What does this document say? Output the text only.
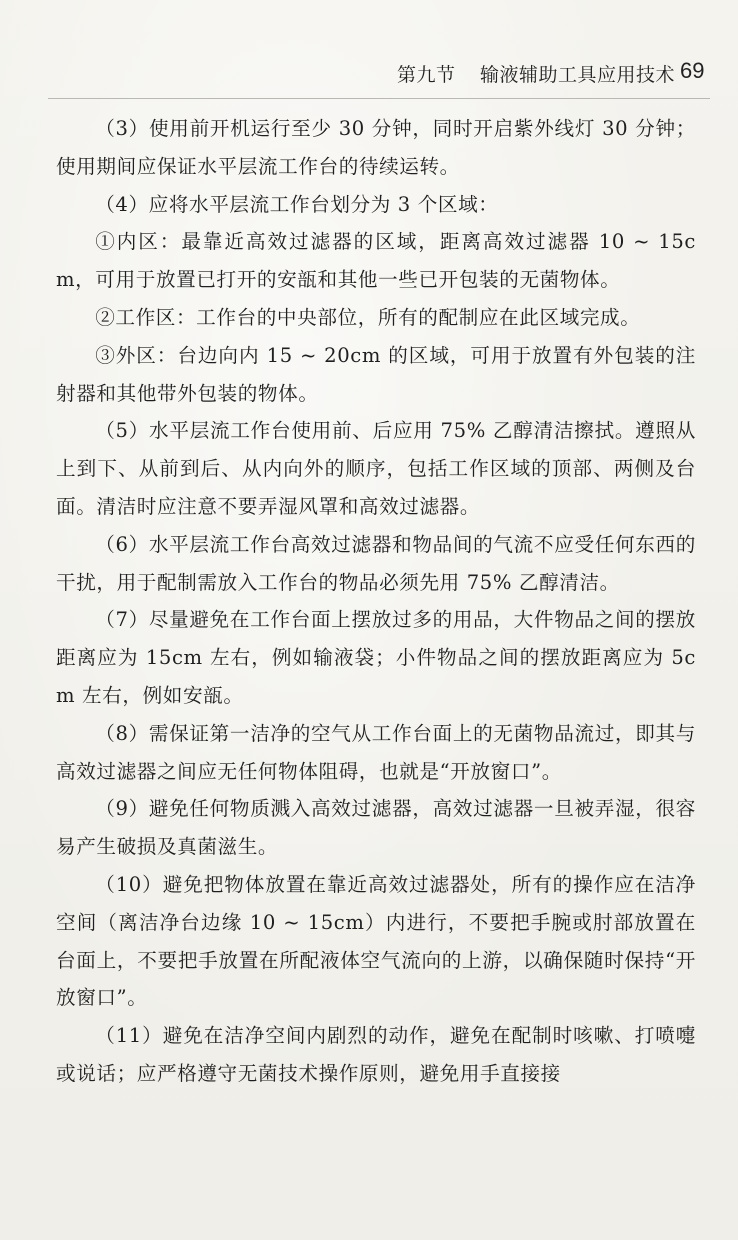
第九节 输液辅助工具应用技术 69

（3）使用前开机运行至少 30 分钟，同时开启紫外线灯 30 分钟；使用期间应保证水平层流工作台的待续运转。

（4）应将水平层流工作台划分为 3 个区域：

①内区：最靠近高效过滤器的区域，距离高效过滤器 10 ~ 15cm，可用于放置已打开的安瓿和其他一些已开包装的无菌物体。

②工作区：工作台的中央部位，所有的配制应在此区域完成。

③外区：台边向内 15 ~ 20cm 的区域，可用于放置有外包装的注射器和其他带外包装的物体。

（5）水平层流工作台使用前、后应用 75% 乙醇清洁擦拭。遵照从上到下、从前到后、从内向外的顺序，包括工作区域的顶部、两侧及台面。清洁时应注意不要弄湿风罩和高效过滤器。

（6）水平层流工作台高效过滤器和物品间的气流不应受任何东西的干扰，用于配制需放入工作台的物品必须先用 75% 乙醇清洁。

（7）尽量避免在工作台面上摆放过多的用品，大件物品之间的摆放距离应为 15cm 左右，例如输液袋；小件物品之间的摆放距离应为 5cm 左右，例如安瓿。

（8）需保证第一洁净的空气从工作台面上的无菌物品流过，即其与高效过滤器之间应无任何物体阻碍，也就是“开放窗口”。

（9）避免任何物质溅入高效过滤器，高效过滤器一旦被弄湿，很容易产生破损及真菌滋生。

（10）避免把物体放置在靠近高效过滤器处，所有的操作应在洁净空间（离洁净台边缘 10 ~ 15cm）内进行，不要把手腕或肘部放置在台面上，不要把手放置在所配液体空气流向的上游，以确保随时保持“开放窗口”。

（11）避免在洁净空间内剧烈的动作，避免在配制时咳嗽、打喷嚏或说话；应严格遵守无菌技术操作原则，避免用手直接接
